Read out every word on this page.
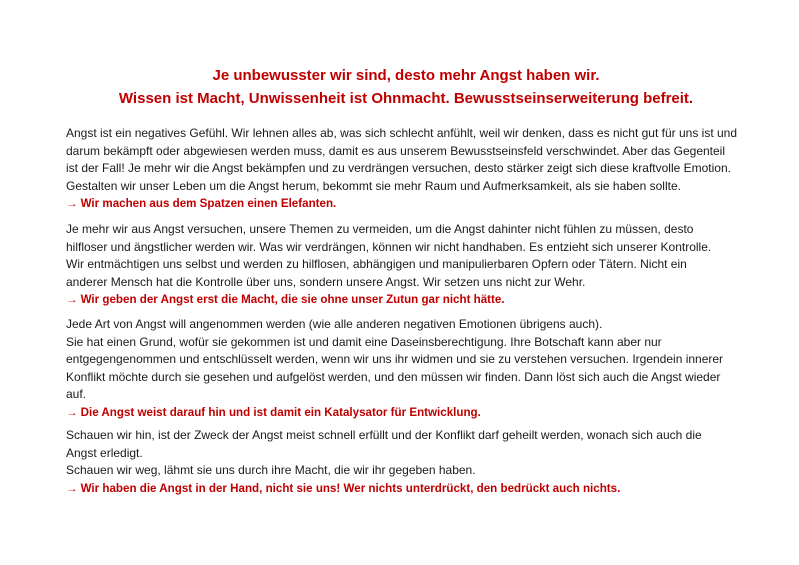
Je unbewusster wir sind, desto mehr Angst haben wir.
Wissen ist Macht, Unwissenheit ist Ohnmacht. Bewusstseinserweiterung befreit.
Angst ist ein negatives Gefühl. Wir lehnen alles ab, was sich schlecht anfühlt, weil wir denken, dass es nicht gut für uns ist und
darum bekämpft oder abgewiesen werden muss, damit es aus unserem Bewusstseinsfeld verschwindet. Aber das Gegenteil
ist der Fall! Je mehr wir die Angst bekämpfen und zu verdrängen versuchen, desto stärker zeigt sich diese kraftvolle Emotion.
Gestalten wir unser Leben um die Angst herum, bekommt sie mehr Raum und Aufmerksamkeit, als sie haben sollte.
→ Wir machen aus dem Spatzen einen Elefanten.
Je mehr wir aus Angst versuchen, unsere Themen zu vermeiden, um die Angst dahinter nicht fühlen zu müssen, desto
hilfloser und ängstlicher werden wir. Was wir verdrängen, können wir nicht handhaben. Es entzieht sich unserer Kontrolle.
Wir entmächtigen uns selbst und werden zu hilflosen, abhängigen und manipulierbaren Opfern oder Tätern. Nicht ein
anderer Mensch hat die Kontrolle über uns, sondern unsere Angst. Wir setzen uns nicht zur Wehr.
→ Wir geben der Angst erst die Macht, die sie ohne unser Zutun gar nicht hätte.
Jede Art von Angst will angenommen werden (wie alle anderen negativen Emotionen übrigens auch).
Sie hat einen Grund, wofür sie gekommen ist und damit eine Daseinsberechtigung. Ihre Botschaft kann aber nur
entgegengenommen und entschlüsselt werden, wenn wir uns ihr widmen und sie zu verstehen versuchen. Irgendein innerer
Konflikt möchte durch sie gesehen und aufgelöst werden, und den müssen wir finden. Dann löst sich auch die Angst wieder
auf.
→ Die Angst weist darauf hin und ist damit ein Katalysator für Entwicklung.
Schauen wir hin, ist der Zweck der Angst meist schnell erfüllt und der Konflikt darf geheilt werden, wonach sich auch die
Angst erledigt.
Schauen wir weg, lähmt sie uns durch ihre Macht, die wir ihr gegeben haben.
→ Wir haben die Angst in der Hand, nicht sie uns! Wer nichts unterdrückt, den bedrückt auch nichts.
